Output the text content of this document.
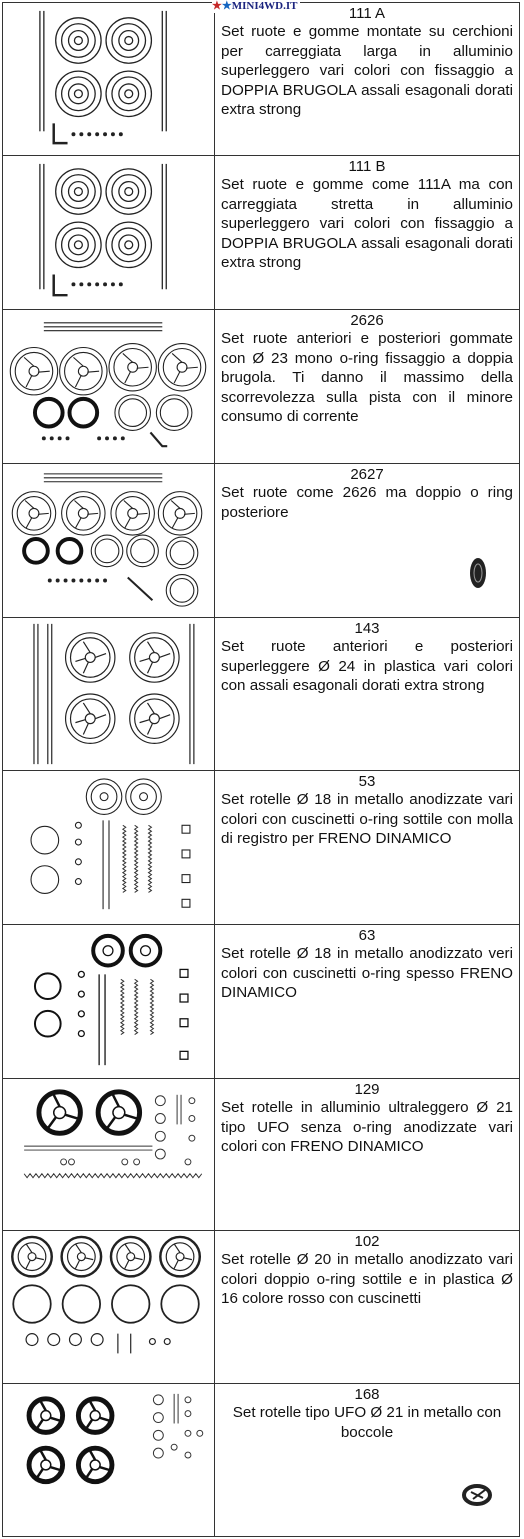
★★MINI4WD.IT	111 A
Set ruote e gomme montate su cerchioni per carreggiata larga in alluminio superleggero vari colori con fissaggio a DOPPIA BRUGOLA assali esagonali dorati extra strong
111 B
Set ruote e gomme come 111A ma con carreggiata stretta in alluminio superleggero vari colori con fissaggio a DOPPIA BRUGOLA assali esagonali dorati extra strong
2626
Set ruote anteriori e posteriori gommate con Ø 23 mono o-ring fissaggio a doppia brugola. Ti danno il massimo della scorrevolezza sulla pista con il minore consumo di corrente
2627
Set ruote come 2626 ma doppio o ring posteriore
143
Set ruote anteriori e posteriori superleggere Ø 24 in plastica vari colori con assali esagonali dorati extra strong
53
Set rotelle Ø 18 in metallo anodizzate vari colori con cuscinetti o-ring sottile con molla di registro per FRENO DINAMICO
63
Set rotelle Ø 18 in metallo anodizzato veri colori con cuscinetti o-ring spesso FRENO DINAMICO
129
Set rotelle in alluminio ultraleggero Ø 21 tipo UFO senza o-ring anodizzate vari colori con FRENO DINAMICO
102
Set rotelle Ø 20 in metallo anodizzato vari colori doppio o-ring sottile e in plastica Ø 16 colore rosso con cuscinetti
168
Set rotelle tipo UFO Ø 21 in metallo con boccole
